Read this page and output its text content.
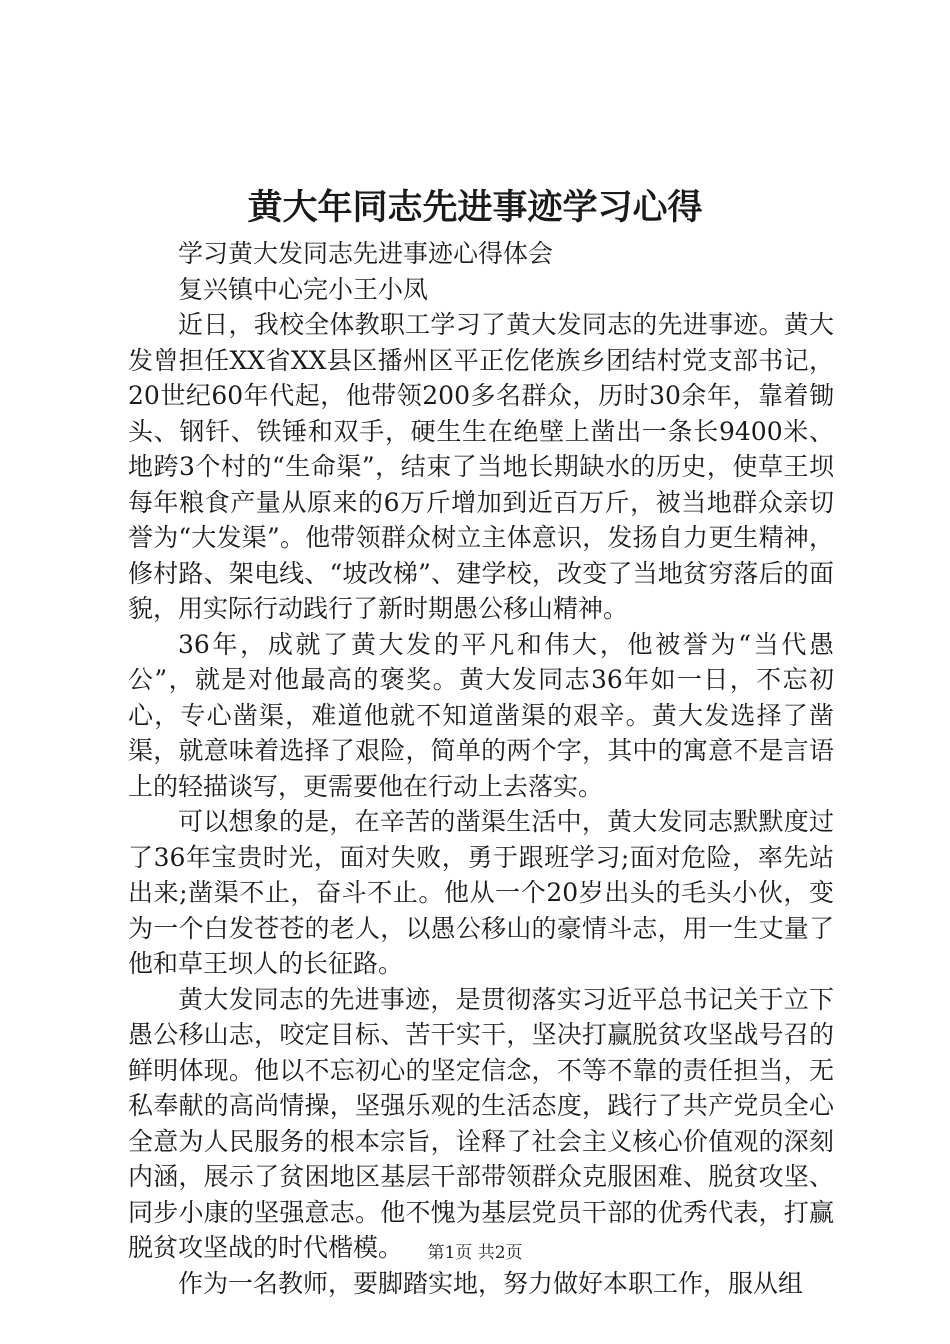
黄大年同志先进事迹学习心得

学习黄大发同志先进事迹心得体会

复兴镇中心完小王小凤

近日，我校全体教职工学习了黄大发同志的先进事迹。黄大发曾担任XX省XX县区播州区平正仡佬族乡团结村党支部书记，20世纪60年代起，他带领200多名群众，历时30余年，靠着锄头、钢钎、铁锤和双手，硬生生在绝壁上凿出一条长9400米、地跨3个村的“生命渠”，结束了当地长期缺水的历史，使草王坝每年粮食产量从原来的6万斤增加到近百万斤，被当地群众亲切誉为“大发渠”。他带领群众树立主体意识，发扬自力更生精神，修村路、架电线、“坡改梯”、建学校，改变了当地贫穷落后的面貌，用实际行动践行了新时期愚公移山精神。

36年，成就了黄大发的平凡和伟大，他被誉为“当代愚公”，就是对他最高的褒奖。黄大发同志36年如一日，不忘初心，专心凿渠，难道他就不知道凿渠的艰辛。黄大发选择了凿渠，就意味着选择了艰险，简单的两个字，其中的寓意不是言语上的轻描谈写，更需要他在行动上去落实。

可以想象的是，在辛苦的凿渠生活中，黄大发同志默默度过了36年宝贵时光，面对失败，勇于跟班学习;面对危险，率先站出来;凿渠不止，奋斗不止。他从一个20岁出头的毛头小伙，变为一个白发苍苍的老人，以愚公移山的豪情斗志，用一生丈量了他和草王坝人的长征路。

黄大发同志的先进事迹，是贯彻落实习近平总书记关于立下愚公移山志，咬定目标、苦干实干，坚决打赢脱贫攻坚战号召的鲜明体现。他以不忘初心的坚定信念，不等不靠的责任担当，无私奉献的高尚情操，坚强乐观的生活态度，践行了共产党员全心全意为人民服务的根本宗旨，诠释了社会主义核心价值观的深刻内涵，展示了贫困地区基层干部带领群众克服困难、脱贫攻坚、同步小康的坚强意志。他不愧为基层党员干部的优秀代表，打赢脱贫攻坚战的时代楷模。

作为一名教师，要脚踏实地，努力做好本职工作，服从组

第1页 共2页
